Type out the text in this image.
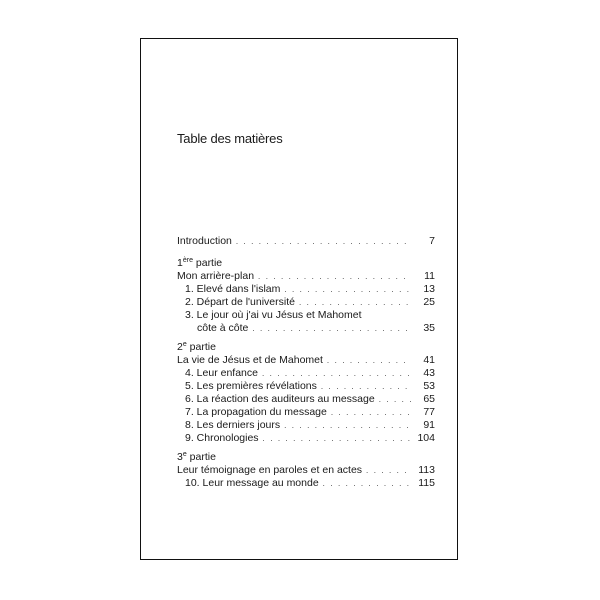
Table des matières
Introduction . . .	7
1ère partie
Mon arrière-plan . . .	11
1. Elevé dans l'islam . . .	13
2. Départ de l'université . . .	25
3. Le jour où j'ai vu Jésus et Mahomet
côte à côte . . .	35
2e partie
La vie de Jésus et de Mahomet . . .	41
4. Leur enfance . . .	43
5. Les premières révélations . . .	53
6. La réaction des auditeurs au message . . .	65
7. La propagation du message . . .	77
8. Les derniers jours . . .	91
9. Chronologies . . .	104
3e partie
Leur témoignage en paroles et en actes . . .	113
10. Leur message au monde . . .	115
